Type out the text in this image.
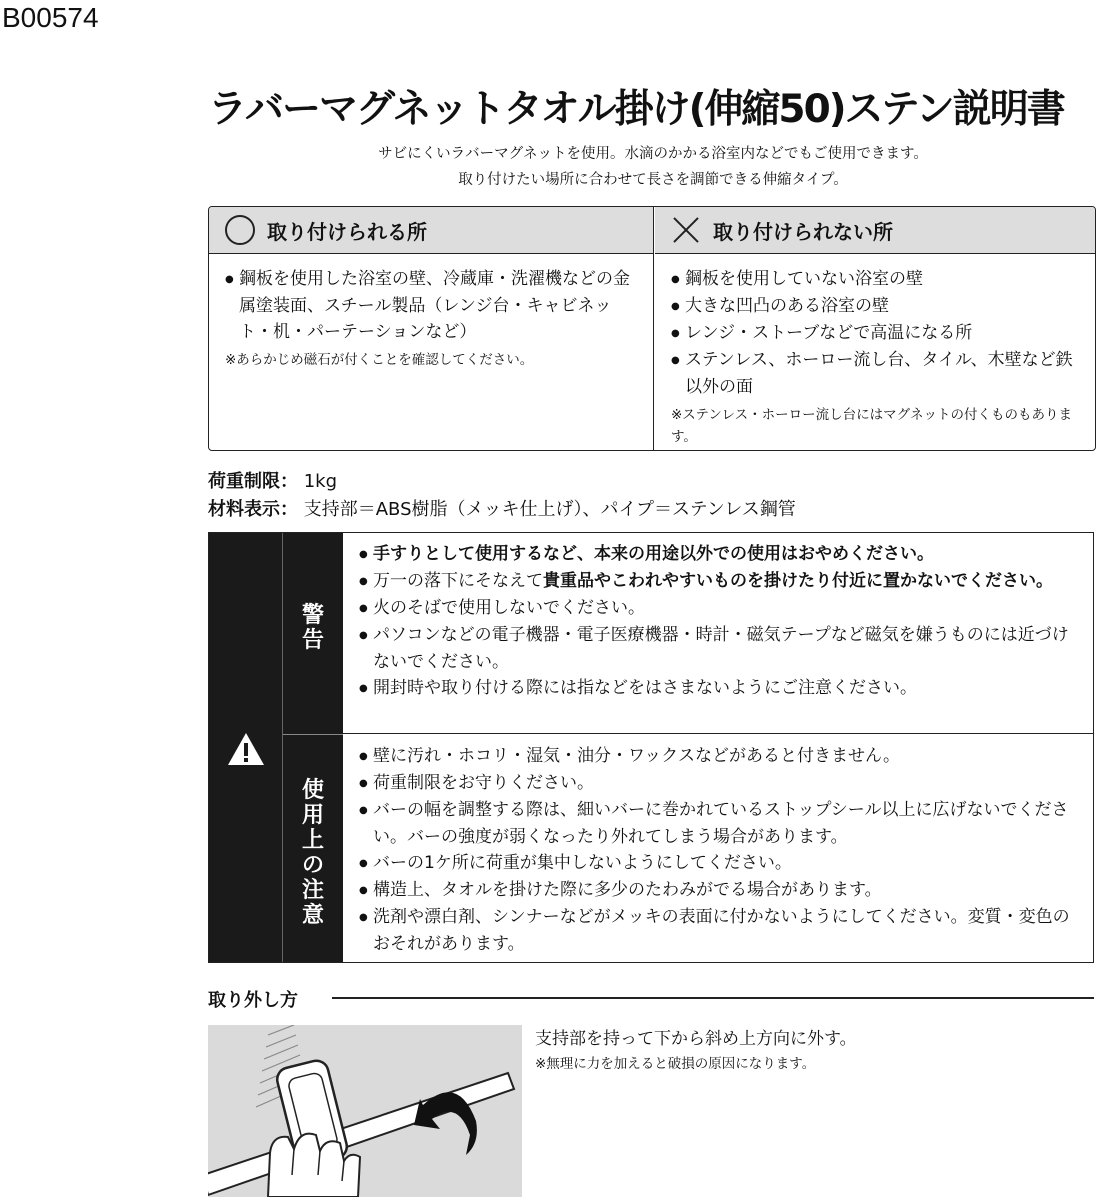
B00574
ラバーマグネットタオル掛け(伸縮50)ステン説明書
サビにくいラバーマグネットを使用。水滴のかかる浴室内などでもご使用できます。
取り付けたい場所に合わせて長さを調節できる伸縮タイプ。
取り付けられる所
● 鋼板を使用した浴室の壁、冷蔵庫・洗濯機などの金属塗装面、スチール製品（レンジ台・キャビネット・机・パーテーションなど）
※あらかじめ磁石が付くことを確認してください。
取り付けられない所
● 鋼板を使用していない浴室の壁
● 大きな凹凸のある浴室の壁
● レンジ・ストーブなどで高温になる所
● ステンレス、ホーロー流し台、タイル、木壁など鉄以外の面
※ステンレス・ホーロー流し台にはマグネットの付くものもあります。
荷重制限： 1kg
材料表示： 支持部＝ABS樹脂（メッキ仕上げ）、パイプ＝ステンレス鋼管
警
告
使
用
上
の
注
意
● 手すりとして使用するなど、本来の用途以外での使用はおやめください。
● 万一の落下にそなえて貴重品やこわれやすいものを掛けたり付近に置かないでください。
● 火のそばで使用しないでください。
● パソコンなどの電子機器・電子医療機器・時計・磁気テープなど磁気を嫌うものには近づけないでください。
● 開封時や取り付ける際には指などをはさまないようにご注意ください。
● 壁に汚れ・ホコリ・湿気・油分・ワックスなどがあると付きません。
● 荷重制限をお守りください。
● バーの幅を調整する際は、細いバーに巻かれているストップシール以上に広げないでください。バーの強度が弱くなったり外れてしまう場合があります。
● バーの1ケ所に荷重が集中しないようにしてください。
● 構造上、タオルを掛けた際に多少のたわみがでる場合があります。
● 洗剤や漂白剤、シンナーなどがメッキの表面に付かないようにしてください。変質・変色のおそれがあります。
取り外し方
支持部を持って下から斜め上方向に外す。
※無理に力を加えると破損の原因になります。
